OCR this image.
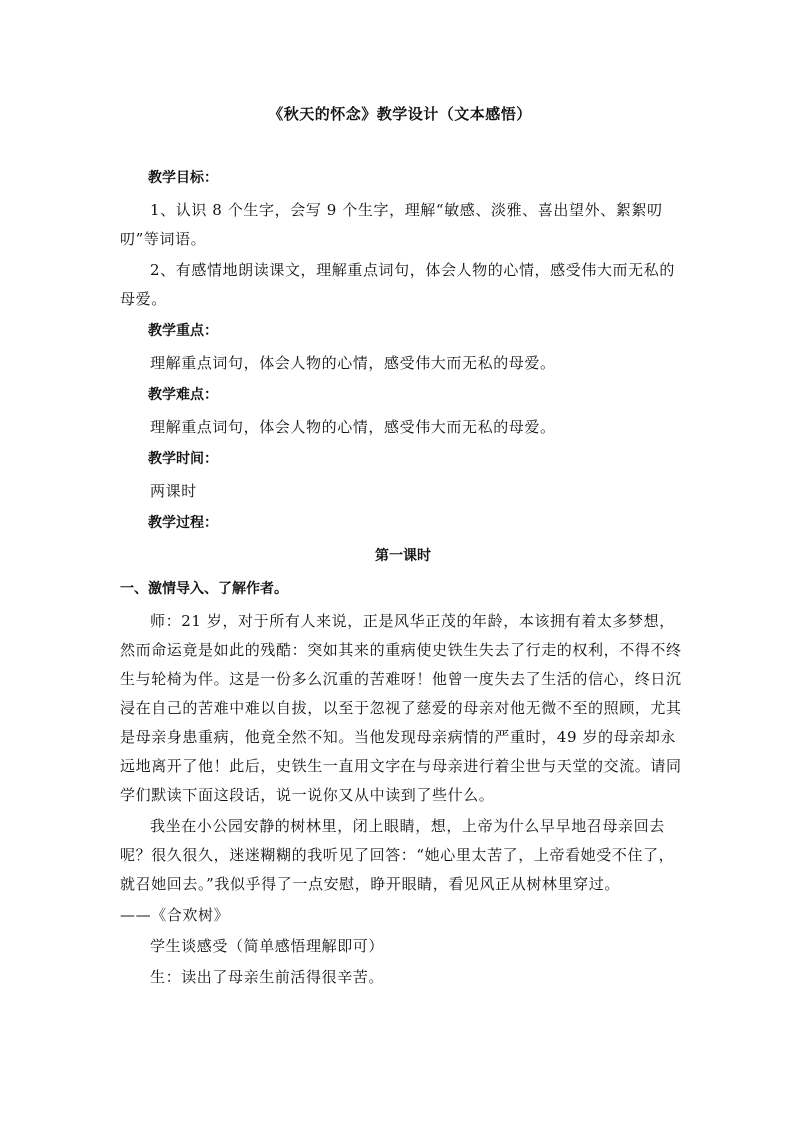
《秋天的怀念》教学设计（文本感悟）
教学目标：
1、认识 8 个生字，会写 9 个生字，理解“敏感、淡雅、喜出望外、絮絮叨叨”等词语。
2、有感情地朗读课文，理解重点词句，体会人物的心情，感受伟大而无私的母爱。
教学重点：
理解重点词句，体会人物的心情，感受伟大而无私的母爱。
教学难点：
理解重点词句，体会人物的心情，感受伟大而无私的母爱。
教学时间：
两课时
教学过程：
第一课时
一、激情导入、了解作者。
师：21 岁，对于所有人来说，正是风华正茂的年龄，本该拥有着太多梦想，然而命运竟是如此的残酷：突如其来的重病使史铁生失去了行走的权利，不得不终生与轮椅为伴。这是一份多么沉重的苦难呀！他曾一度失去了生活的信心，终日沉浸在自己的苦难中难以自拔，以至于忽视了慈爱的母亲对他无微不至的照顾，尤其是母亲身患重病，他竟全然不知。当他发现母亲病情的严重时，49 岁的母亲却永远地离开了他！此后，史铁生一直用文字在与母亲进行着尘世与天堂的交流。请同学们默读下面这段话，说一说你又从中读到了些什么。
我坐在小公园安静的树林里，闭上眼睛，想，上帝为什么早早地召母亲回去呢？很久很久，迷迷糊糊的我听见了回答：“她心里太苦了，上帝看她受不住了，就召她回去。”我似乎得了一点安慰，睁开眼睛，看见风正从树林里穿过。
——《合欢树》
学生谈感受（简单感悟理解即可）
生：读出了母亲生前活得很辛苦。
